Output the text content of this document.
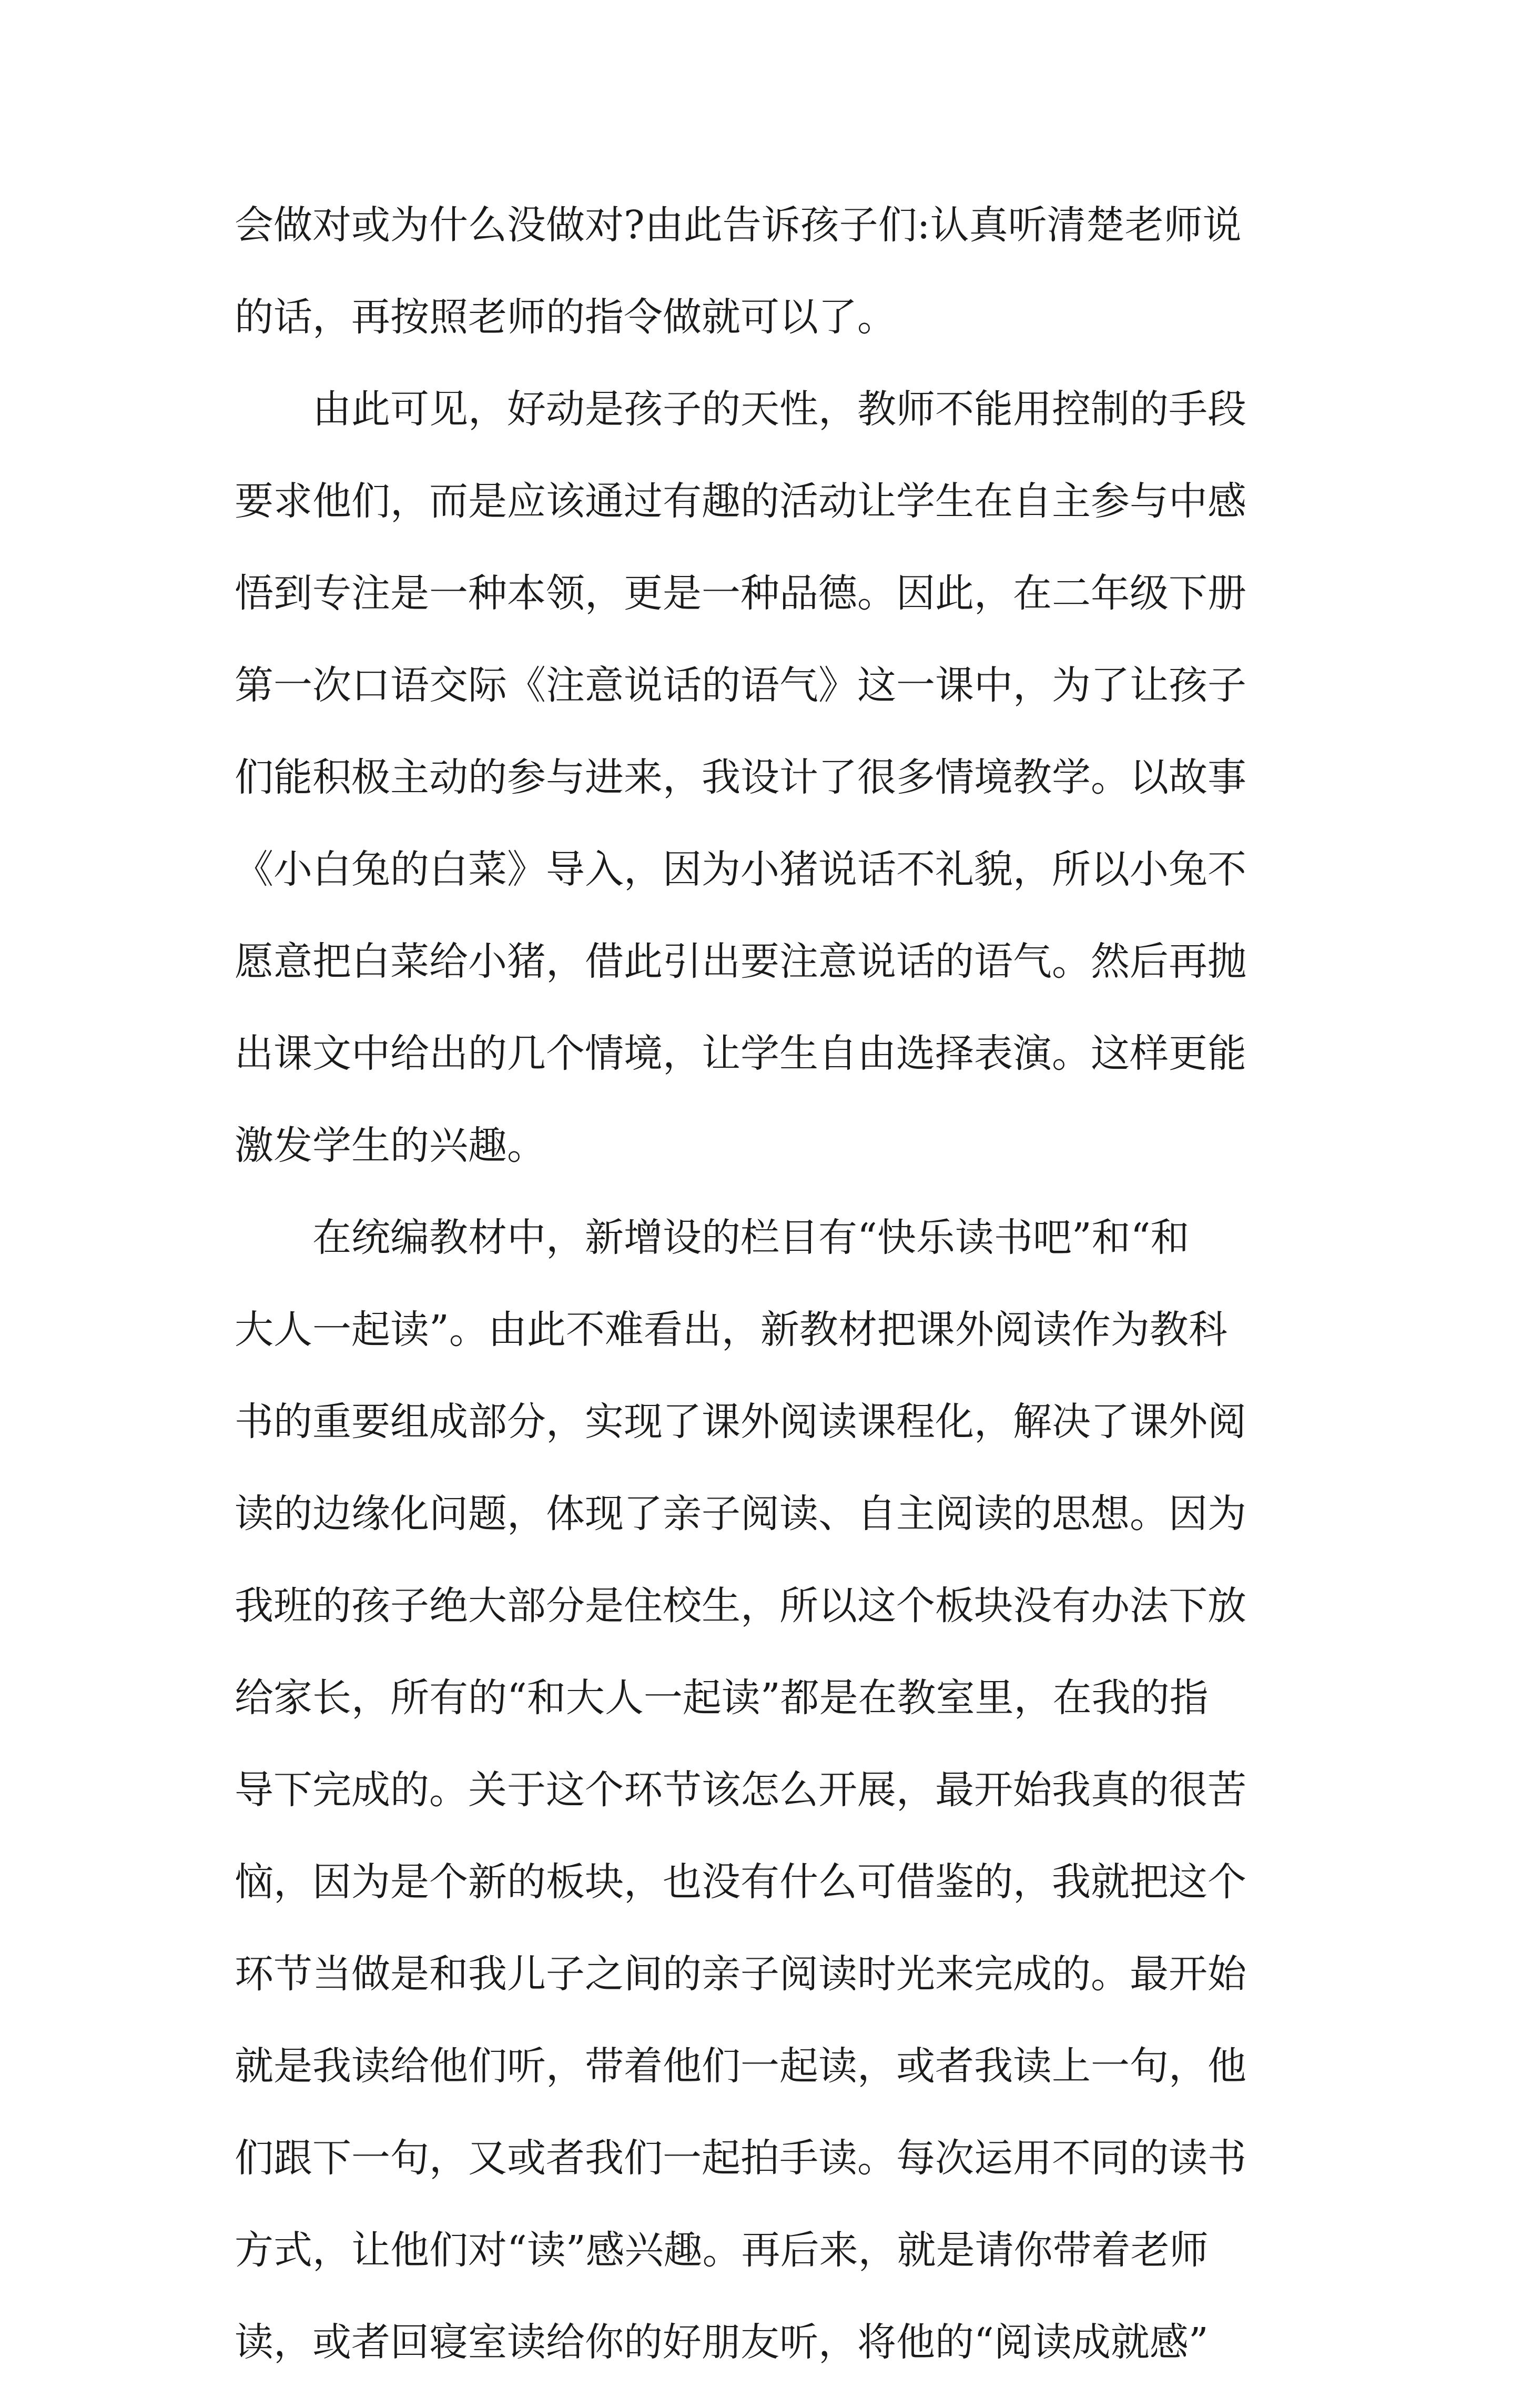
会做对或为什么没做对?由此告诉孩子们:认真听清楚老师说
的话，再按照老师的指令做就可以了。
由此可见，好动是孩子的天性，教师不能用控制的手段
要求他们，而是应该通过有趣的活动让学生在自主参与中感
悟到专注是一种本领，更是一种品德。因此，在二年级下册
第一次口语交际《注意说话的语气》这一课中，为了让孩子
们能积极主动的参与进来，我设计了很多情境教学。以故事
《小白兔的白菜》导入，因为小猪说话不礼貌，所以小兔不
愿意把白菜给小猪，借此引出要注意说话的语气。然后再抛
出课文中给出的几个情境，让学生自由选择表演。这样更能
激发学生的兴趣。
在统编教材中，新增设的栏目有“快乐读书吧”和“和
大人一起读”。由此不难看出，新教材把课外阅读作为教科
书的重要组成部分，实现了课外阅读课程化，解决了课外阅
读的边缘化问题，体现了亲子阅读、自主阅读的思想。因为
我班的孩子绝大部分是住校生，所以这个板块没有办法下放
给家长，所有的“和大人一起读”都是在教室里，在我的指
导下完成的。关于这个环节该怎么开展，最开始我真的很苦
恼，因为是个新的板块，也没有什么可借鉴的，我就把这个
环节当做是和我儿子之间的亲子阅读时光来完成的。最开始
就是我读给他们听，带着他们一起读，或者我读上一句，他
们跟下一句，又或者我们一起拍手读。每次运用不同的读书
方式，让他们对“读”感兴趣。再后来，就是请你带着老师
读，或者回寝室读给你的好朋友听，将他的“阅读成就感”
